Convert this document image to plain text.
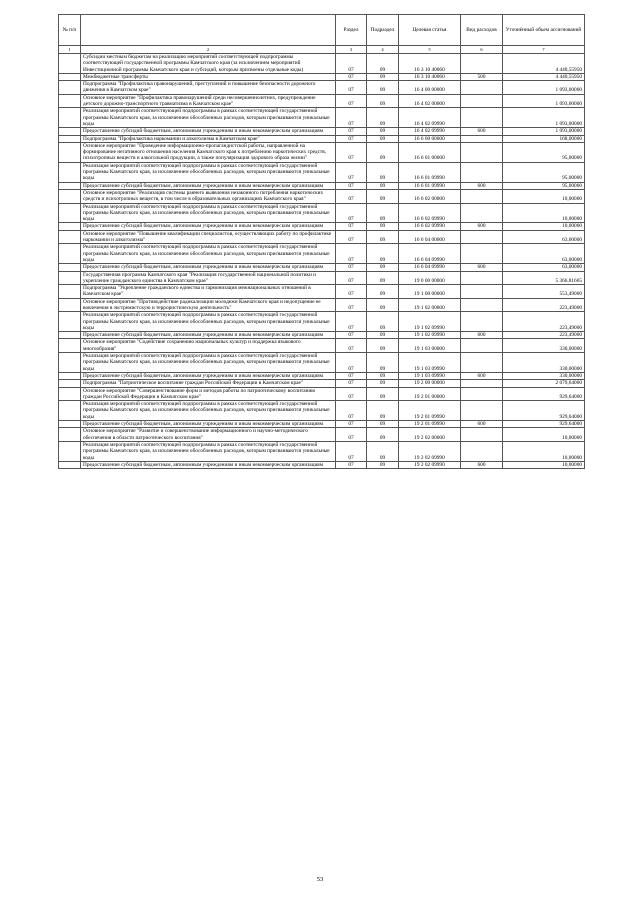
№ п/п		Раздел	Подраздел	Целевая статья	Вид расходов	Уточнённый объем ассигнований
1	2	3	4	5	6	7
	Субсидии местным бюджетам на реализацию мероприятий соответствующей подпрограммы соответствующей государственной программы Камчатского края (за исключением мероприятий Инвестиционной программы Камчатского края и субсидий, которым присвоены отдельные коды)	07	09	16 3 10 40060		4 440,55950
	Межбюджетные трансферты	07	09	16 3 10 40060	500	4 440,55950
	Подпрограмма "Профилактика правонарушений, преступлений и повышение безопасности дорожного движения в Камчатском крае"	07	09	16 4 00 00000		1 093,00000
	Основное мероприятие "Профилактика правонарушений среди несовершеннолетних, предупреждение детского дорожно-транспортного травматизма в Камчатском крае"	07	09	16 4 02 00000		1 093,00000
	Реализация мероприятий соответствующей подпрограммы в рамках соответствующей государственной программы Камчатского края, за исключением обособленных расходов, которым присваиваются уникальные коды	07	09	16 4 02 09990		1 093,00000
	Предоставление субсидий бюджетным, автономным учреждениям и иным некоммерческим организациям	07	09	16 4 02 09990	600	1 093,00000
	Подпрограмма "Профилактика наркомании и алкоголизма в Камчатском крае"	07	09	16 6 00 00000		168,00000
	Основное мероприятие "Проведение информационно-пропагандистской работы, направленной на формирование негативного отношения населения Камчатского края к потреблению наркотических средств, психотропных веществ и алкогольной продукции, а также популяризация здорового образа жизни"	07	09	16 6 01 00000		95,00000
	Реализация мероприятий соответствующей подпрограммы в рамках соответствующей государственной программы Камчатского края, за исключением обособленных расходов, которым присваиваются уникальные коды	07	09	16 6 01 09990		95,00000
	Предоставление субсидий бюджетным, автономным учреждениям и иным некоммерческим организациям	07	09	16 6 01 09990	600	95,00000
	Основное мероприятие "Реализация системы раннего выявления незаконного потребления наркотических средств и психотропных веществ, в том числе в образовательных организациях Камчатского края"	07	09	16 6 02 00000		10,00000
	Реализация мероприятий соответствующей подпрограммы в рамках соответствующей государственной программы Камчатского края, за исключением обособленных расходов, которым присваиваются уникальные коды	07	09	16 6 02 09990		10,00000
	Предоставление субсидий бюджетным, автономным учреждениям и иным некоммерческим организациям	07	09	16 6 02 09990	600	10,00000
	Основное мероприятие "Повышение квалификации специалистов, осуществляющих работу по профилактике наркомании и алкоголизма"	07	09	16 6 04 00000		63,00000
	Реализация мероприятий соответствующей подпрограммы в рамках соответствующей государственной программы Камчатского края, за исключением обособленных расходов, которым присваиваются уникальные коды	07	09	16 6 04 09990		63,00000
	Предоставление субсидий бюджетным, автономным учреждениям и иным некоммерческим организациям	07	09	16 6 04 09990	600	63,00000
	Государственная программа Камчатского края "Реализация государственной национальной политики и укрепление гражданского единства в Камчатском крае"	07	09	19 0 00 00000		5 366,81665
	Подпрограмма "Укрепление гражданского единства и гармонизация межнациональных отношений в Камчатском крае"	07	09	19 1 00 00000		553,49000
	Основное мероприятие "Противодействие радикализации молодежи Камчатского края и недопущение ее вовлечения в экстремистскую и террористическую деятельность"	07	09	19 1 02 00000		223,49000
	Реализация мероприятий соответствующей подпрограммы в рамках соответствующей государственной программы Камчатского края, за исключением обособленных расходов, которым присваиваются уникальные коды	07	09	19 1 02 09990		223,49000
	Предоставление субсидий бюджетным, автономным учреждениям и иным некоммерческим организациям	07	09	19 1 02 09990	600	223,49000
	Основное мероприятие "Содействие сохранению национальных культур и поддержка языкового многообразия"	07	09	19 1 03 00000		330,00000
	Реализация мероприятий соответствующей подпрограммы в рамках соответствующей государственной программы Камчатского края, за исключением обособленных расходов, которым присваиваются уникальные коды	07	09	19 1 03 09990		330,00000
	Предоставление субсидий бюджетным, автономным учреждениям и иным некоммерческим организациям	07	09	19 1 03 09990	600	330,00000
	Подпрограмма "Патриотическое воспитание граждан Российской Федерации в Камчатском крае"	07	09	19 2 00 00000		2 079,64000
	Основное мероприятие "Совершенствование форм и методов работы по патриотическому воспитанию граждан Российской Федерации в Камчатском крае"	07	09	19 2 01 00000		929,64000
	Реализация мероприятий соответствующей подпрограммы в рамках соответствующей государственной программы Камчатского края, за исключением обособленных расходов, которым присваиваются уникальные коды	07	09	19 2 01 09990		929,64000
	Предоставление субсидий бюджетным, автономным учреждениям и иным некоммерческим организациям	07	09	19 2 01 09990	600	929,64000
	Основное мероприятие "Развитие и совершенствование информационного и научно-методического обеспечения в области патриотического воспитания"	07	09	19 2 02 00000		10,00000
	Реализация мероприятий соответствующей подпрограммы в рамках соответствующей государственной программы Камчатского края, за исключением обособленных расходов, которым присваиваются уникальные коды	07	09	19 2 02 09990		10,00000
	Предоставление субсидий бюджетным, автономным учреждениям и иным некоммерческим организациям	07	09	19 2 02 09990	600	10,00000
53
